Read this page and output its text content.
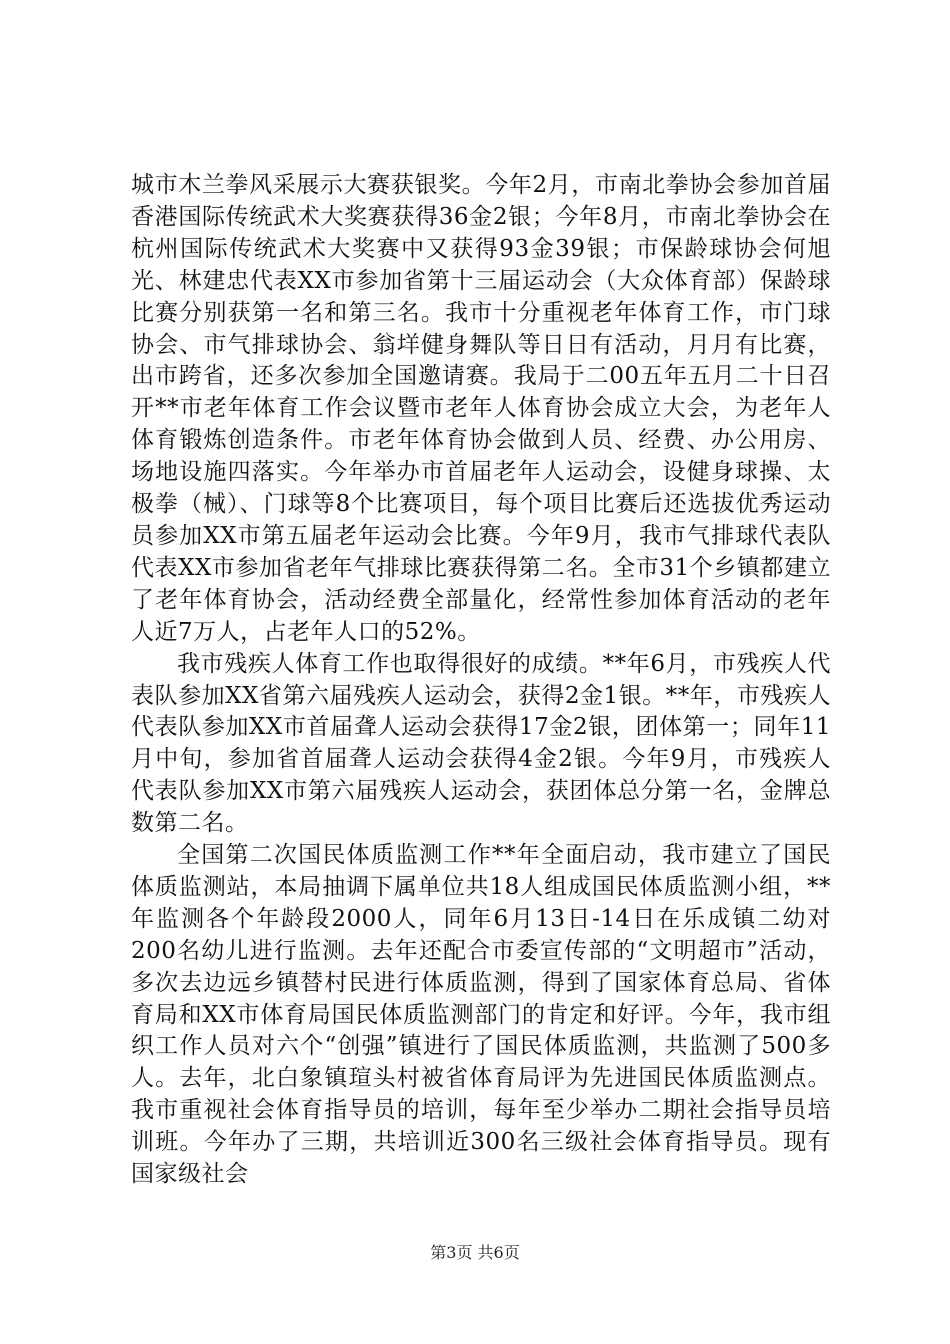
城市木兰拳风采展示大赛获银奖。今年2月，市南北拳协会参加首届香港国际传统武术大奖赛获得36金2银；今年8月，市南北拳协会在杭州国际传统武术大奖赛中又获得93金39银；市保龄球协会何旭光、林建忠代表XX市参加省第十三届运动会（大众体育部）保龄球比赛分别获第一名和第三名。我市十分重视老年体育工作，市门球协会、市气排球协会、翁垟健身舞队等日日有活动，月月有比赛，出市跨省，还多次参加全国邀请赛。我局于二00五年五月二十日召开**市老年体育工作会议暨市老年人体育协会成立大会，为老年人体育锻炼创造条件。市老年体育协会做到人员、经费、办公用房、场地设施四落实。今年举办市首届老年人运动会，设健身球操、太极拳（械）、门球等8个比赛项目，每个项目比赛后还选拔优秀运动员参加XX市第五届老年运动会比赛。今年9月，我市气排球代表队代表XX市参加省老年气排球比赛获得第二名。全市31个乡镇都建立了老年体育协会，活动经费全部量化，经常性参加体育活动的老年人近7万人，占老年人口的52%。

我市残疾人体育工作也取得很好的成绩。**年6月，市残疾人代表队参加XX省第六届残疾人运动会，获得2金1银。**年，市残疾人代表队参加XX市首届聋人运动会获得17金2银，团体第一；同年11月中旬，参加省首届聋人运动会获得4金2银。今年9月，市残疾人代表队参加XX市第六届残疾人运动会，获团体总分第一名，金牌总数第二名。

全国第二次国民体质监测工作**年全面启动，我市建立了国民体质监测站，本局抽调下属单位共18人组成国民体质监测小组，**年监测各个年龄段2000人，同年6月13日-14日在乐成镇二幼对200名幼儿进行监测。去年还配合市委宣传部的“文明超市”活动，多次去边远乡镇替村民进行体质监测，得到了国家体育总局、省体育局和XX市体育局国民体质监测部门的肯定和好评。今年，我市组织工作人员对六个“创强”镇进行了国民体质监测，共监测了500多人。去年，北白象镇瑄头村被省体育局评为先进国民体质监测点。我市重视社会体育指导员的培训，每年至少举办二期社会指导员培训班。今年办了三期，共培训近300名三级社会体育指导员。现有国家级社会

第3页 共6页
